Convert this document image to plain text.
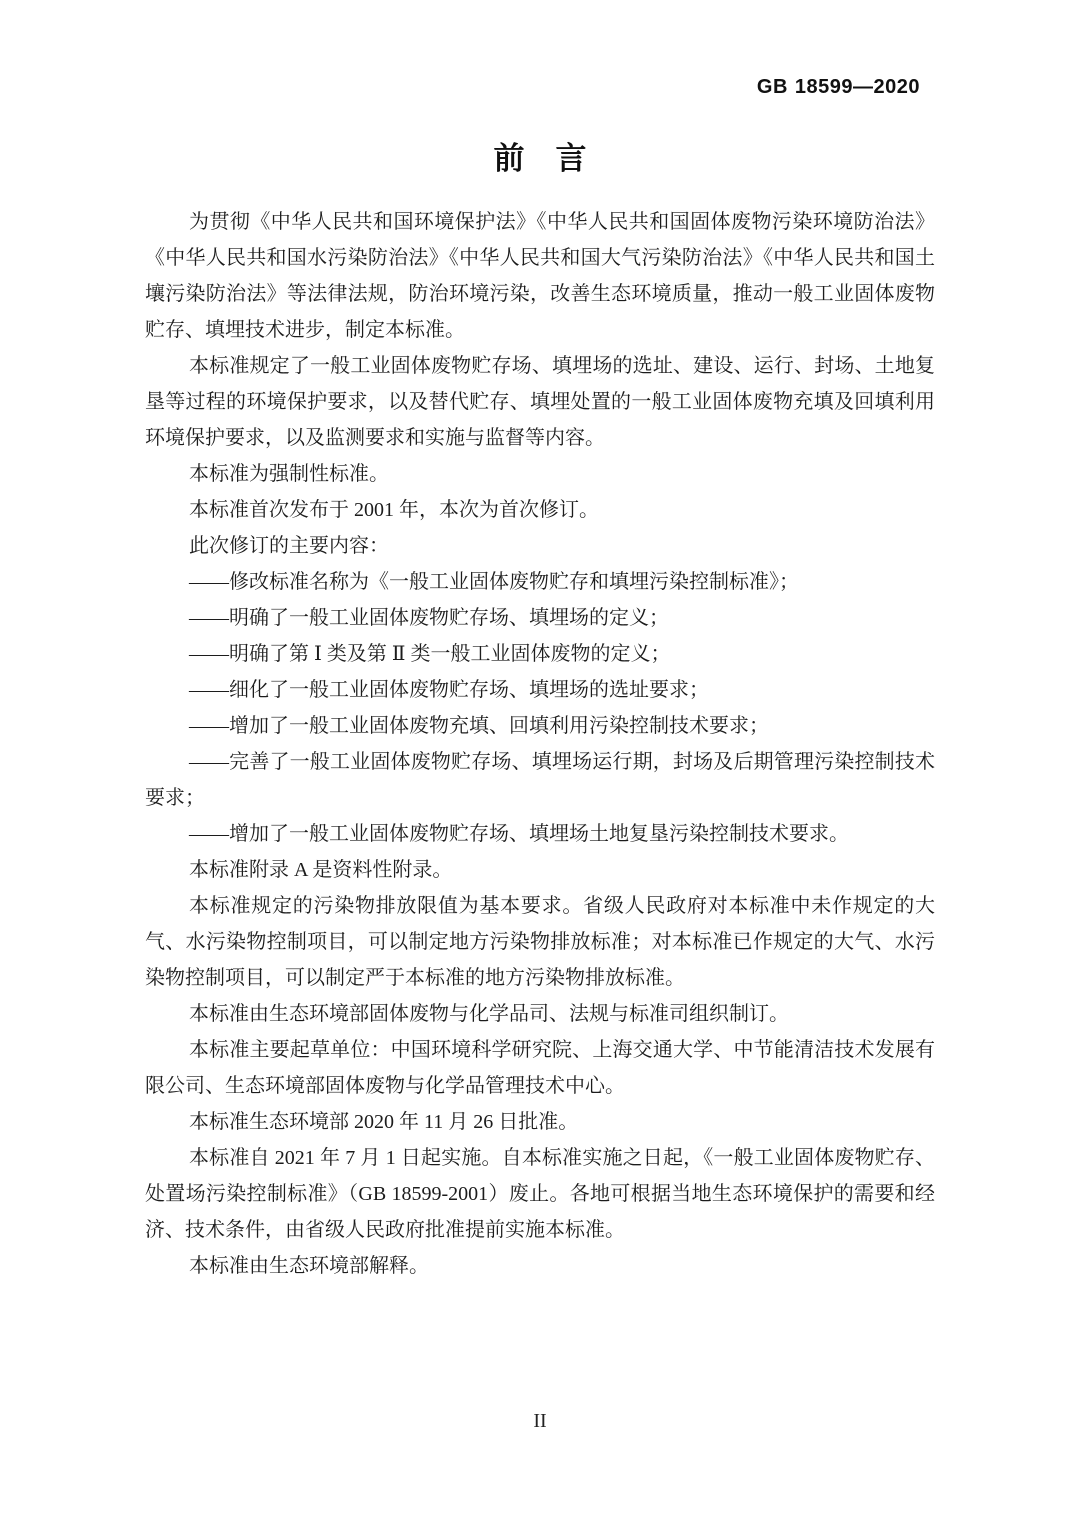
GB 18599—2020
前　言

为贯彻《中华人民共和国环境保护法》《中华人民共和国固体废物污染环境防治法》《中华人民共和国水污染防治法》《中华人民共和国大气污染防治法》《中华人民共和国土壤污染防治法》等法律法规，防治环境污染，改善生态环境质量，推动一般工业固体废物贮存、填埋技术进步，制定本标准。

本标准规定了一般工业固体废物贮存场、填埋场的选址、建设、运行、封场、土地复垦等过程的环境保护要求，以及替代贮存、填埋处置的一般工业固体废物充填及回填利用环境保护要求，以及监测要求和实施与监督等内容。

本标准为强制性标准。

本标准首次发布于 2001 年，本次为首次修订。

此次修订的主要内容：

——修改标准名称为《一般工业固体废物贮存和填埋污染控制标准》；

——明确了一般工业固体废物贮存场、填埋场的定义；

——明确了第 Ⅰ 类及第 Ⅱ 类一般工业固体废物的定义；

——细化了一般工业固体废物贮存场、填埋场的选址要求；

——增加了一般工业固体废物充填、回填利用污染控制技术要求；

——完善了一般工业固体废物贮存场、填埋场运行期，封场及后期管理污染控制技术要求；

——增加了一般工业固体废物贮存场、填埋场土地复垦污染控制技术要求。

本标准附录 A 是资料性附录。

本标准规定的污染物排放限值为基本要求。省级人民政府对本标准中未作规定的大气、水污染物控制项目，可以制定地方污染物排放标准；对本标准已作规定的大气、水污染物控制项目，可以制定严于本标准的地方污染物排放标准。

本标准由生态环境部固体废物与化学品司、法规与标准司组织制订。

本标准主要起草单位：中国环境科学研究院、上海交通大学、中节能清洁技术发展有限公司、生态环境部固体废物与化学品管理技术中心。

本标准生态环境部 2020 年 11 月 26 日批准。

本标准自 2021 年 7 月 1 日起实施。自本标准实施之日起，《一般工业固体废物贮存、处置场污染控制标准》（GB 18599-2001）废止。各地可根据当地生态环境保护的需要和经济、技术条件，由省级人民政府批准提前实施本标准。

本标准由生态环境部解释。

II
